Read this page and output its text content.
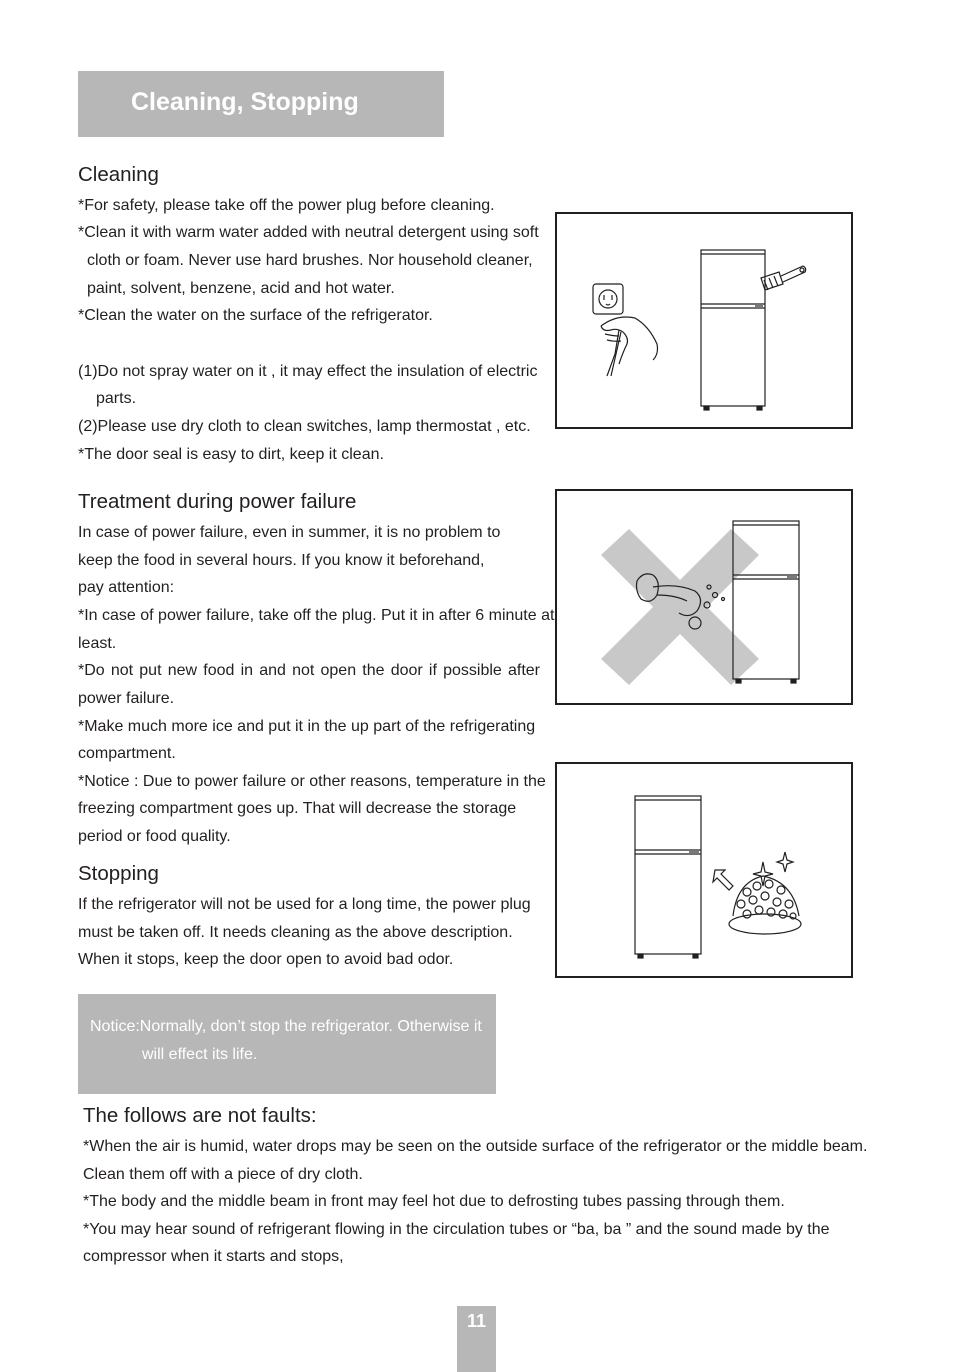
Cleaning, Stopping
Cleaning
*For safety, please take off the power plug before cleaning.
*Clean it with warm water added with neutral detergent using soft
cloth or foam. Never use hard brushes. Nor household cleaner,
paint, solvent, benzene, acid and hot water.
*Clean the water on the surface of the refrigerator.
(1)Do not spray water on it , it may effect the insulation of electric
parts.
(2)Please use dry cloth to clean switches, lamp thermostat , etc.
*The door seal is easy to dirt, keep it clean.
Treatment during power failure
In case of power failure, even in summer, it is no problem to
keep the food in several hours. If you know it beforehand,
pay attention:
*In case of power failure, take off the plug. Put it in after 6 minute at
least.
*Do not put new food in and not open the door if possible after
power failure.
*Make much more ice and put it in the up part of the refrigerating
compartment.
*Notice : Due to power failure or other reasons, temperature in the
freezing compartment goes up. That will decrease the storage
period or food quality.
Stopping
If the refrigerator will not be used for a long time, the power plug
must be taken off. It needs cleaning as the above description.
When it stops, keep the door open to avoid bad odor.
Notice:Normally, don’t stop the refrigerator. Otherwise it
will effect its life.
The follows are not faults:
*When the air is humid, water drops may be seen on the outside surface of the refrigerator or the middle beam.
Clean them off with a piece of dry cloth.
*The body and the middle beam in front may feel hot due to defrosting tubes passing through them.
*You may hear sound of refrigerant flowing in the circulation tubes or “ba, ba ” and the sound made by the
compressor when it starts and stops,
11
